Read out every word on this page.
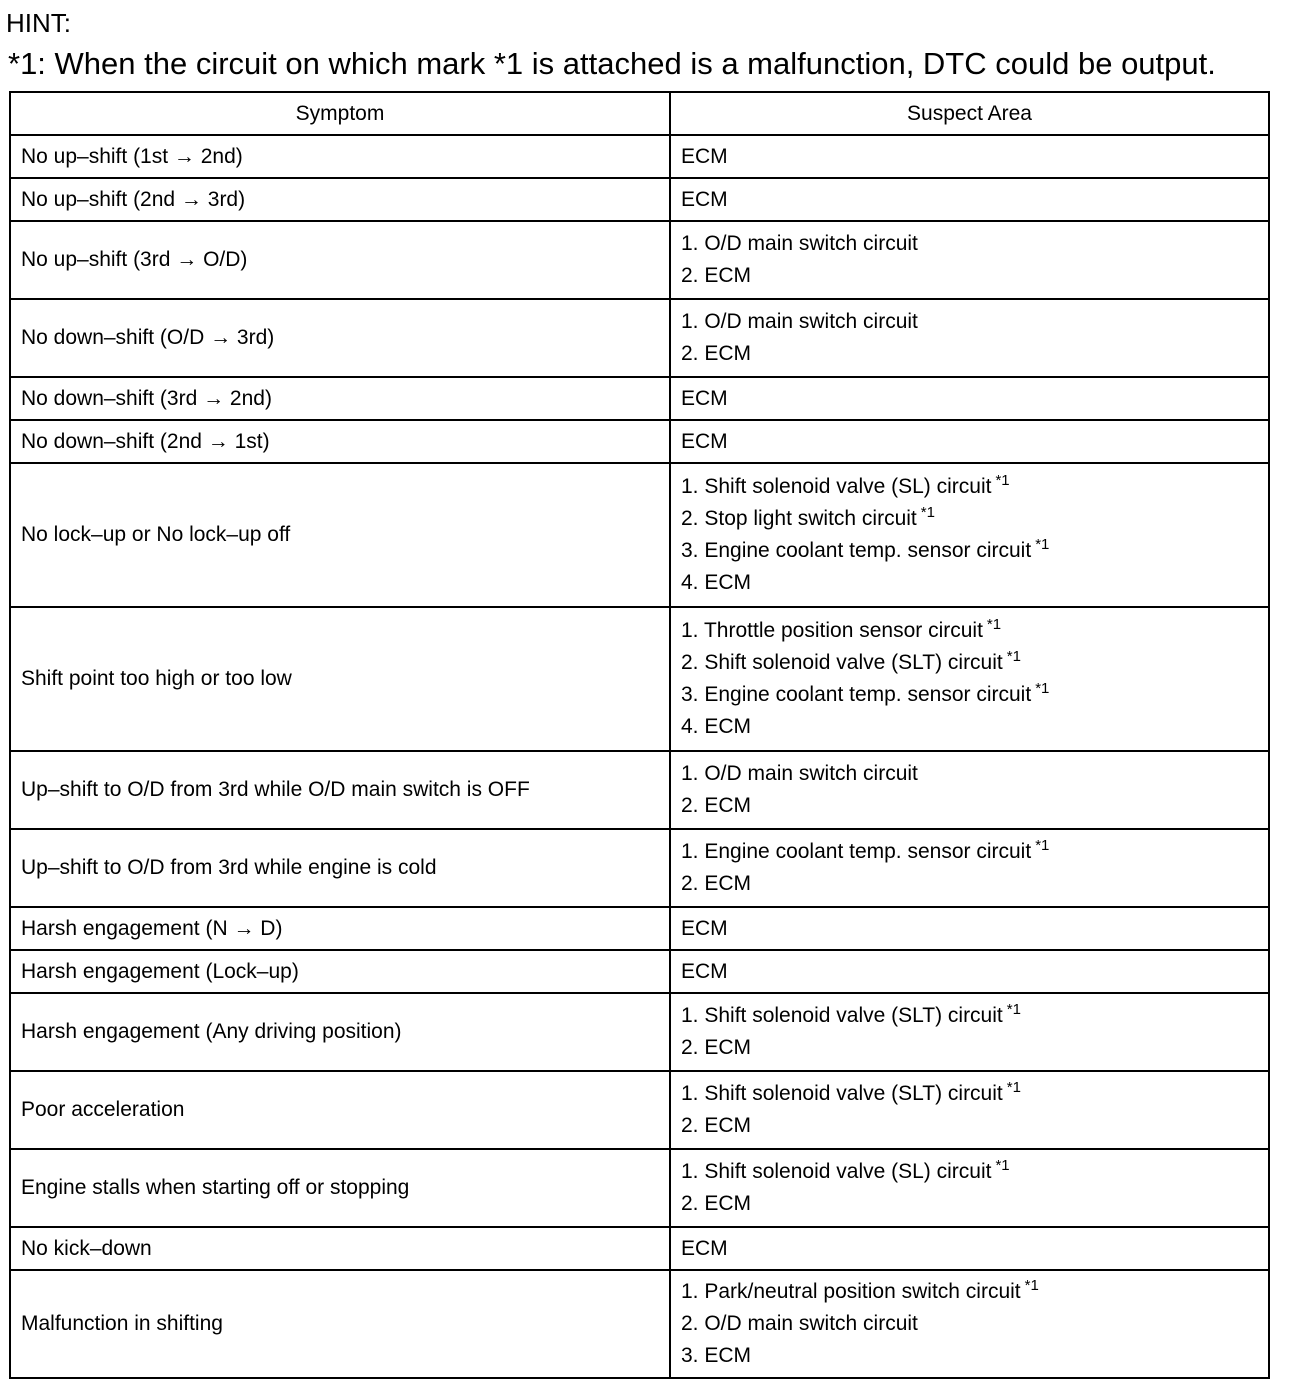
HINT:
*1: When the circuit on which mark *1 is attached is a malfunction, DTC could be output.
Symptom	Suspect Area
No up–shift (1st → 2nd)	ECM

No up–shift (2nd → 3rd)	ECM

No up–shift (3rd → O/D)	1. O/D main switch circuit
2. ECM

No down–shift (O/D → 3rd)	1. O/D main switch circuit
2. ECM

No down–shift (3rd → 2nd)	ECM

No down–shift (2nd → 1st)	ECM

No lock–up or No lock–up off	1. Shift solenoid valve (SL) circuit $^{*1}$
2. Stop light switch circuit $^{*1}$
3. Engine coolant temp. sensor circuit $^{*1}$
4. ECM

Shift point too high or too low	1. Throttle position sensor circuit $^{*1}$
2. Shift solenoid valve (SLT) circuit $^{*1}$
3. Engine coolant temp. sensor circuit $^{*1}$
4. ECM

Up–shift to O/D from 3rd while O/D main switch is OFF	1. O/D main switch circuit
2. ECM

Up–shift to O/D from 3rd while engine is cold	1. Engine coolant temp. sensor circuit $^{*1}$
2. ECM

Harsh engagement (N → D)	ECM

Harsh engagement (Lock–up)	ECM

Harsh engagement (Any driving position)	1. Shift solenoid valve (SLT) circuit $^{*1}$
2. ECM

Poor acceleration	1. Shift solenoid valve (SLT) circuit $^{*1}$
2. ECM

Engine stalls when starting off or stopping	1. Shift solenoid valve (SL) circuit $^{*1}$
2. ECM

No kick–down	ECM

Malfunction in shifting	1. Park/neutral position switch circuit $^{*1}$
2. O/D main switch circuit
3. ECM
